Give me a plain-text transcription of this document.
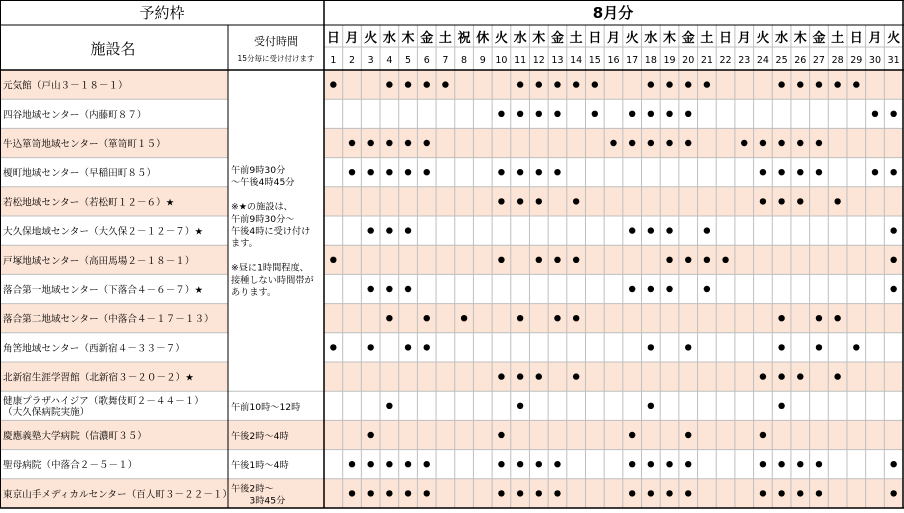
予約枠	8月分
施設名	受付時間
15分毎に受け付けます
日
1
月
2
火
3
水
4
木
5
金
6
土
7
祝
8
休
9
火
10
水
11
木
12
金
13
土
14
日
15
月
16
火
17
水
18
木
19
金
20
土
21
日
22
月
23
火
24
水
25
木
26
金
27
土
28
日
29
月
30
火
31
元気館（戸山３－１８－１）
四谷地域センター（内藤町８７）
牛込箪笥地域センター（箪笥町１５）
榎町地域センター（早稲田町８５）
若松地域センター（若松町１２－６）★
大久保地域センター（大久保２－１２－７）★
戸塚地域センター（高田馬場２－１８－１）
落合第一地域センター（下落合４－６－７）★
落合第二地域センター（中落合４－１７－１３）
角筈地域センター（西新宿４－３３－７）
北新宿生涯学習館（北新宿３－２０－２）★
健康プラザハイジア（歌舞伎町２－４４－１）
（大久保病院実施）
慶應義塾大学病院（信濃町３５）
聖母病院（中落合２－５－１）
東京山手メディカルセンター（百人町３－２２－１）
午前9時30分
～午後4時45分
※★の施設は、
午前9時30分～
午後4時に受け付け
ます。
※昼に1時間程度、
接種しない時間帯が
あります。
午前10時～12時
午後2時～4時
午後1時～4時
午後2時～
　　3時45分
